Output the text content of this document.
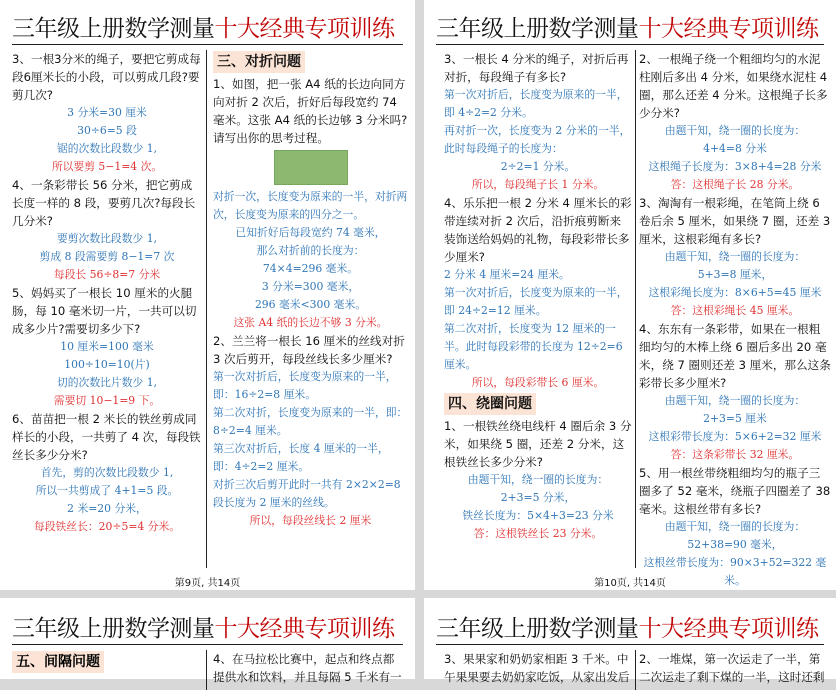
三年级上册数学测量十大经典专项训练

3、一根3分米的绳子，要把它剪成每段6厘米长的小段，可以剪成几段?要剪几次?

3 分米=30 厘米

30÷6=5 段

锯的次数比段数少 1,

所以要剪 5−1=4 次。

4、一条彩带长 56 分米，把它剪成长度一样的 8 段，要剪几次?每段长几分米?

要剪次数比段数少 1,

剪成 8 段需要剪 8−1=7 次

每段长 56÷8=7 分米

5、妈妈买了一根长 10 厘米的火腿肠，每 10 毫米切一片，一共可以切成多少片?需要切多少下?

10 厘米=100 毫米

100÷10=10(片)

切的次数比片数少 1,

需要切 10−1=9 下。

6、苗苗把一根 2 米长的铁丝剪成同样长的小段，一共剪了 4 次，每段铁丝长多少分米?

首先，剪的次数比段数少 1,

所以一共剪成了 4+1=5 段。

2 米=20 分米，

每段铁丝长：20÷5=4 分米。

三、对折问题

1、如图，把一张 A4 纸的长边向同方向对折 2 次后，折好后每段宽约 74 毫米。这张 A4 纸的长边够 3 分米吗?请写出你的思考过程。

对折一次，长度变为原来的一半，对折两次，长度变为原来的四分之一。

已知折好后每段宽约 74 毫米，

那么对折前的长度为：

74×4=296 毫米。

3 分米=300 毫米，

296 毫米<300 毫米。

这张 A4 纸的长边不够 3 分米。

2、兰兰将一根长 16 厘米的丝线对折 3 次后剪开，每段丝线长多少厘米?

第一次对折后，长度变为原来的一半，即：16÷2=8 厘米。

第二次对折，长度变为原来的一半，即：8÷2=4 厘米。

第三次对折后，长度 4 厘米的一半，即：4÷2=2 厘米。

对折三次后剪开此时一共有 2×2×2=8 段长度为 2 厘米的丝线。

所以，每段丝线长 2 厘米

第9页, 共14页
三年级上册数学测量十大经典专项训练

3、一根长 4 分米的绳子，对折后再对折，每段绳子有多长?

第一次对折后，长度变为原来的一半，即 4÷2=2 分米。

再对折一次，长度变为 2 分米的一半，此时每段绳子的长度为：

2÷2=1 分米。

所以，每段绳子长 1 分米。

4、乐乐把一根 2 分米 4 厘米长的彩带连续对折 2 次后，沿折痕剪断来装饰送给妈妈的礼物，每段彩带长多少厘米?

2 分米 4 厘米=24 厘米。

第一次对折后，长度变为原来的一半，即 24÷2=12 厘米。

第二次对折，长度变为 12 厘米的一半。此时每段彩带的长度为 12÷2=6 厘米。

所以，每段彩带长 6 厘米。

四、绕圈问题

1、一根铁丝绕电线杆 4 圈后余 3 分米，如果绕 5 圈，还差 2 分米，这根铁丝长多少分米?

由题干知，绕一圈的长度为：

2+3=5 分米，

铁丝长度为：5×4+3=23 分米

答：这根铁丝长 23 分米。

2、一根绳子绕一个粗细均匀的水泥柱刚后多出 4 分米，如果绕水泥柱 4 圈，那么还差 4 分米。这根绳子长多少分米?

由题干知，绕一圈的长度为：

4+4=8 分米

这根绳子长度为：3×8+4=28 分米

答：这根绳子长 28 分米。

3、淘淘有一根彩绳，在笔筒上绕 6 卷后余 5 厘米，如果绕 7 圈，还差 3 厘米，这根彩绳有多长?

由题干知，绕一圈的长度为：

5+3=8 厘米，

这根彩绳长度为：8×6+5=45 厘米

答：这根彩绳长 45 厘米。

4、东东有一条彩带，如果在一根粗细均匀的木棒上绕 6 圈后多出 20 毫米，绕 7 圈则还差 3 厘米，那么这条彩带长多少厘米?

由题干知，绕一圈的长度为：

2+3=5 厘米

这根彩带长度为：5×6+2=32 厘米

答：这条彩带长 32 厘米。

5、用一根丝带绕粗细均匀的瓶子三圈多了 52 毫米，绕瓶子四圈差了 38 毫米。这根丝带有多长?

由题干知，绕一圈的长度为：

52+38=90 毫米，

这根丝带长度为：90×3+52=322 毫米。

第10页, 共14页
三年级上册数学测量十大经典专项训练
五、间隔问题	4、在马拉松比赛中，起点和终点都
提供水和饮料，并且每隔 5 千米有一
三年级上册数学测量十大经典专项训练
3、果果家和奶奶家相距 3 千米。中
午果果要去奶奶家吃饭，从家出发后
2、一堆煤，第一次运走了一半，第
二次运走了剩下煤的一半，这时还剩
